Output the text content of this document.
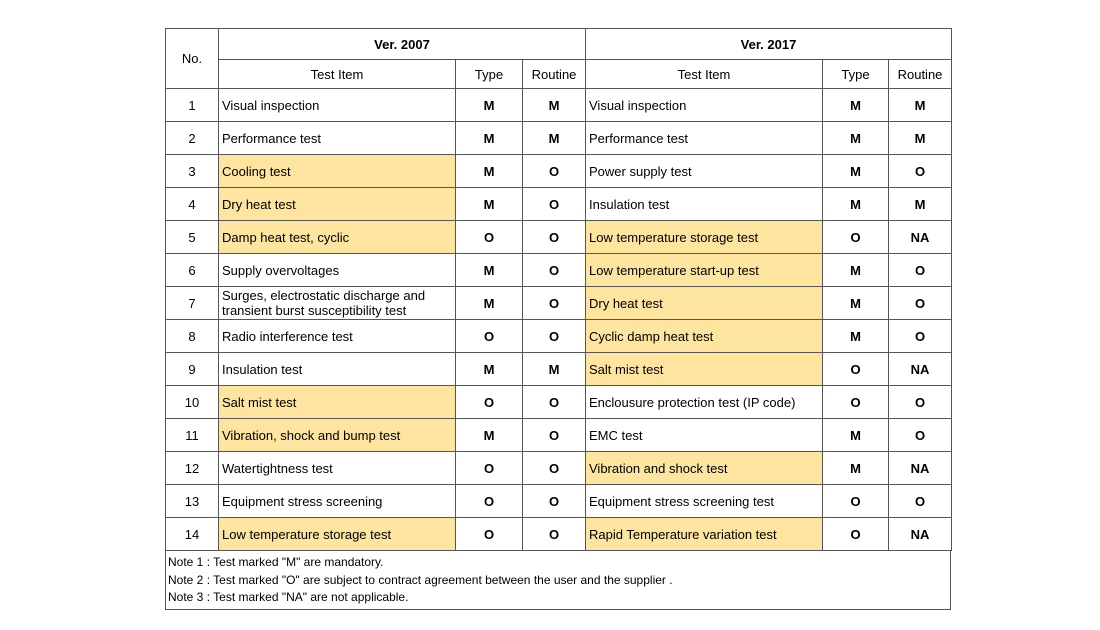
No.	Ver. 2007			Ver. 2017		
	Test Item	Type	Routine	Test Item	Type	Routine
1	Visual inspection	M	M	Visual inspection	M	M
2	Performance test	M	M	Performance test	M	M
3	Cooling test	M	O	Power supply test	M	O
4	Dry heat test	M	O	Insulation test	M	M
5	Damp heat test, cyclic	O	O	Low temperature storage test	O	NA
6	Supply overvoltages	M	O	Low temperature start-up test	M	O
7	Surges, electrostatic discharge and transient burst susceptibility test	M	O	Dry heat test	M	O
8	Radio interference test	O	O	Cyclic damp heat test	M	O
9	Insulation test	M	M	Salt mist test	O	NA
10	Salt mist test	O	O	Enclousure protection test (IP code)	O	O
11	Vibration, shock and bump test	M	O	EMC test	M	O
12	Watertightness test	O	O	Vibration and shock test	M	NA
13	Equipment stress screening	O	O	Equipment stress screening test	O	O
14	Low temperature storage test	O	O	Rapid Temperature variation test	O	NA
Note 1 : Test marked "M" are mandatory.
Note 2 : Test marked "O" are subject to contract agreement between the user and the supplier .
Note 3 : Test marked "NA" are not applicable.
